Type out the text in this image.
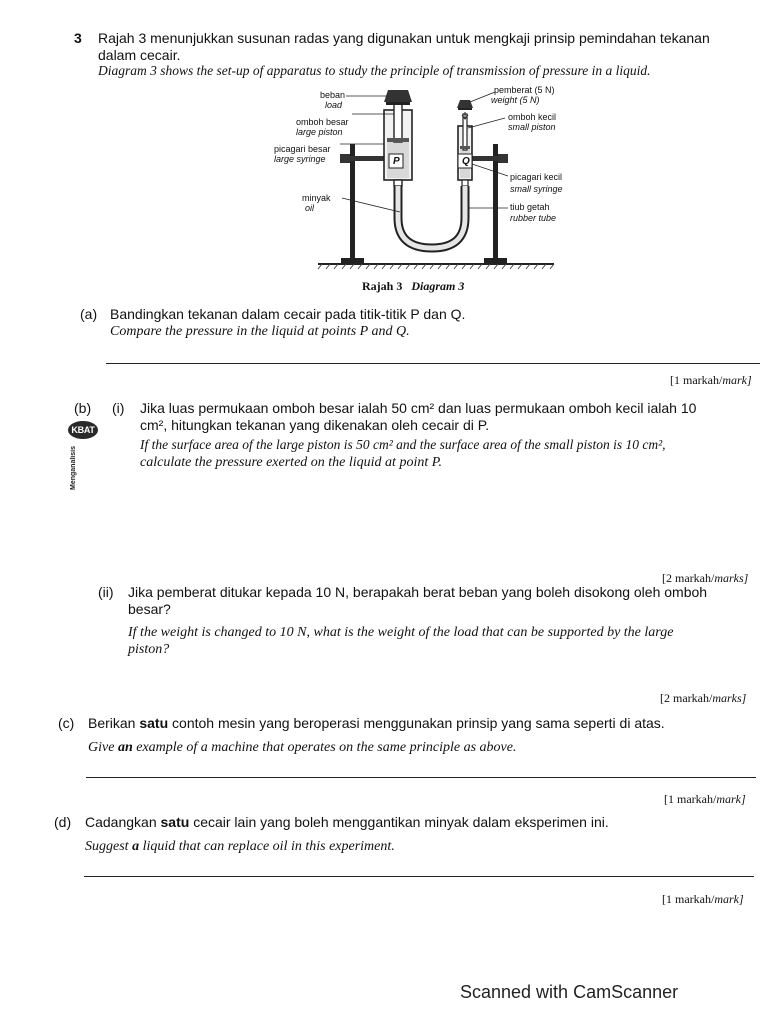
3 Rajah 3 menunjukkan susunan radas yang digunakan untuk mengkaji prinsip pemindahan tekanan dalam cecair.
Diagram 3 shows the set-up of apparatus to study the principle of transmission of pressure in a liquid.
P	Q
beban
load
omboh besar
large piston
picagari besar
large syringe
minyak
oil
pemberat (5 N)
weight (5 N)
omboh kecil
small piston
picagari kecil
small syringe
tiub getah
rubber tube
Rajah 3 Diagram 3
(a) Bandingkan tekanan dalam cecair pada titik-titik P dan Q.
Compare the pressure in the liquid at points P and Q.
[1 markah/mark]
(b)
KBAT
Menganalisis
(i) Jika luas permukaan omboh besar ialah 50 cm² dan luas permukaan omboh kecil ialah 10
cm², hitungkan tekanan yang dikenakan oleh cecair di P.
If the surface area of the large piston is 50 cm² and the surface area of the small piston is 10 cm²,
calculate the pressure exerted on the liquid at point P.
[2 markah/marks]
(ii) Jika pemberat ditukar kepada 10 N, berapakah berat beban yang boleh disokong oleh omboh
besar?
If the weight is changed to 10 N, what is the weight of the load that can be supported by the large
piston?
[2 markah/marks]
(c) Berikan satu contoh mesin yang beroperasi menggunakan prinsip yang sama seperti di atas.
Give an example of a machine that operates on the same principle as above.
[1 markah/mark]
(d) Cadangkan satu cecair lain yang boleh menggantikan minyak dalam eksperimen ini.
Suggest a liquid that can replace oil in this experiment.
[1 markah/mark]
Scanned with CamScanner
